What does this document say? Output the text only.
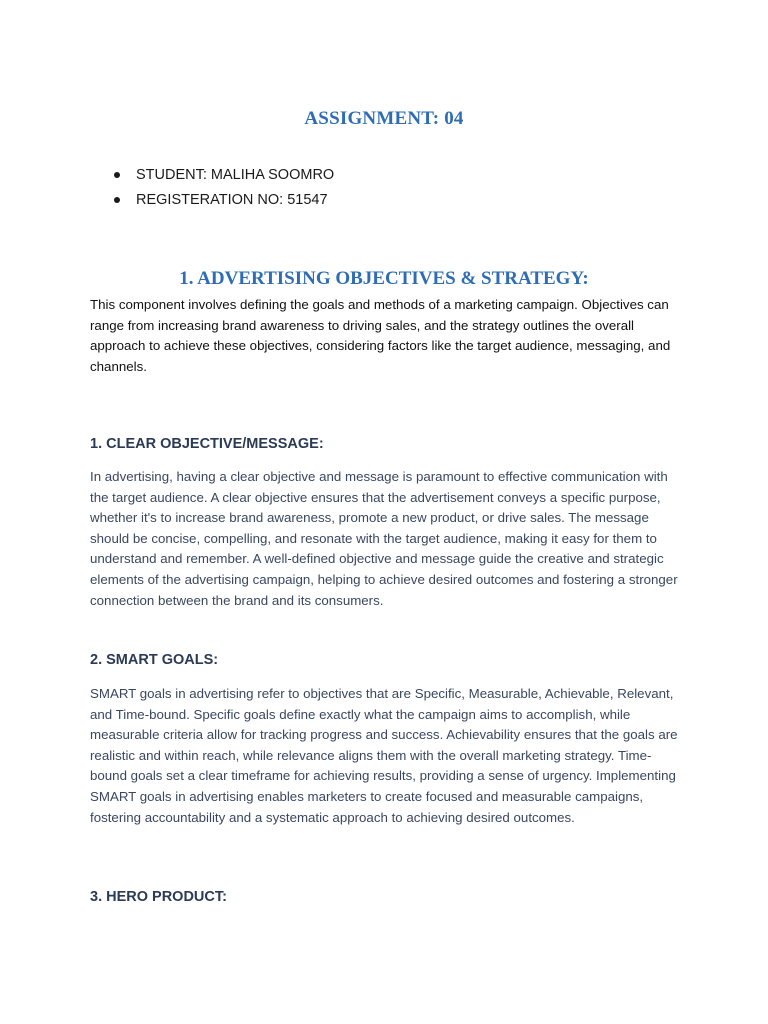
ASSIGNMENT: 04
STUDENT: MALIHA SOOMRO
REGISTERATION NO: 51547
1. ADVERTISING OBJECTIVES & STRATEGY:

This component involves defining the goals and methods of a marketing campaign. Objectives can range from increasing brand awareness to driving sales, and the strategy outlines the overall approach to achieve these objectives, considering factors like the target audience, messaging, and channels.

1. CLEAR OBJECTIVE/MESSAGE:

In advertising, having a clear objective and message is paramount to effective communication with the target audience. A clear objective ensures that the advertisement conveys a specific purpose, whether it's to increase brand awareness, promote a new product, or drive sales. The message should be concise, compelling, and resonate with the target audience, making it easy for them to understand and remember. A well-defined objective and message guide the creative and strategic elements of the advertising campaign, helping to achieve desired outcomes and fostering a stronger connection between the brand and its consumers.

2. SMART GOALS:

SMART goals in advertising refer to objectives that are Specific, Measurable, Achievable, Relevant, and Time-bound. Specific goals define exactly what the campaign aims to accomplish, while measurable criteria allow for tracking progress and success. Achievability ensures that the goals are realistic and within reach, while relevance aligns them with the overall marketing strategy. Time-bound goals set a clear timeframe for achieving results, providing a sense of urgency. Implementing SMART goals in advertising enables marketers to create focused and measurable campaigns, fostering accountability and a systematic approach to achieving desired outcomes.

3. HERO PRODUCT:
